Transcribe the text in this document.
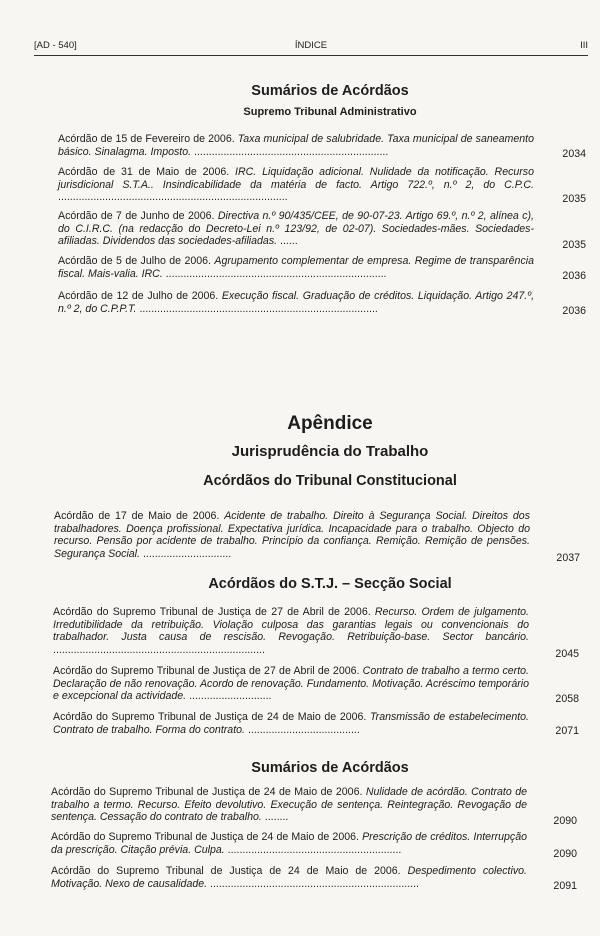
[AD - 540]	ÍNDICE	III
Sumários de Acórdãos
Supremo Tribunal Administrativo
Acórdão de 15 de Fevereiro de 2006. Taxa municipal de salubridade. Taxa municipal de saneamento básico. Sinalagma. Imposto. ..................................................................	2034
Acórdão de 31 de Maio de 2006. IRC. Liquidação adicional. Nulidade da notificação. Recurso jurisdicional S.T.A.. Insindicabilidade da matéria de facto. Artigo 722.º, n.º 2, do C.P.C. ..............................................................................	2035
Acórdão de 7 de Junho de 2006. Directiva n.º 90/435/CEE, de 90-07-23. Artigo 69.º, n.º 2, alínea c), do C.I.R.C. (na redacção do Decreto-Lei n.º 123/92, de 02-07). Sociedades-mães. Sociedades-afiliadas. Dividendos das sociedades-afiliadas. ......	2035
Acórdão de 5 de Julho de 2006. Agrupamento complementar de empresa. Regime de transparência fiscal. Mais-valia. IRC. ...........................................................................	2036
Acórdão de 12 de Julho de 2006. Execução fiscal. Graduação de créditos. Liquidação. Artigo 247.º, n.º 2, do C.P.P.T. .................................................................................	2036
Apêndice
Jurisprudência do Trabalho
Acórdãos do Tribunal Constitucional
Acórdão de 17 de Maio de 2006. Acidente de trabalho. Direito à Segurança Social. Direitos dos trabalhadores. Doença profissional. Expectativa jurídica. Incapacidade para o trabalho. Objecto do recurso. Pensão por acidente de trabalho. Princípio da confiança. Remição. Remição de pensões. Segurança Social. ..............................	2037
Acórdãos do S.T.J. – Secção Social
Acórdão do Supremo Tribunal de Justiça de 27 de Abril de 2006. Recurso. Ordem de julgamento. Irredutibilidade da retribuição. Violação culposa das garantias legais ou convencionais do trabalhador. Justa causa de rescisão. Revogação. Retribuição-base. Sector bancário. ........................................................................	2045
Acórdão do Supremo Tribunal de Justiça de 27 de Abril de 2006. Contrato de trabalho a termo certo. Declaração de não renovação. Acordo de renovação. Fundamento. Motivação. Acréscimo temporário e excepcional da actividade. ............................	2058
Acórdão do Supremo Tribunal de Justiça de 24 de Maio de 2006. Transmissão de estabelecimento. Contrato de trabalho. Forma do contrato. ......................................	2071
Sumários de Acórdãos
Acórdão do Supremo Tribunal de Justiça de 24 de Maio de 2006. Nulidade de acórdão. Contrato de trabalho a termo. Recurso. Efeito devolutivo. Execução de sentença. Reintegração. Revogação de sentença. Cessação do contrato de trabalho. ........	2090
Acórdão do Supremo Tribunal de Justiça de 24 de Maio de 2006. Prescrição de créditos. Interrupção da prescrição. Citação prévia. Culpa. ...........................................................	2090
Acórdão do Supremo Tribunal de Justiça de 24 de Maio de 2006. Despedimento colectivo. Motivação. Nexo de causalidade. .......................................................................	2091
